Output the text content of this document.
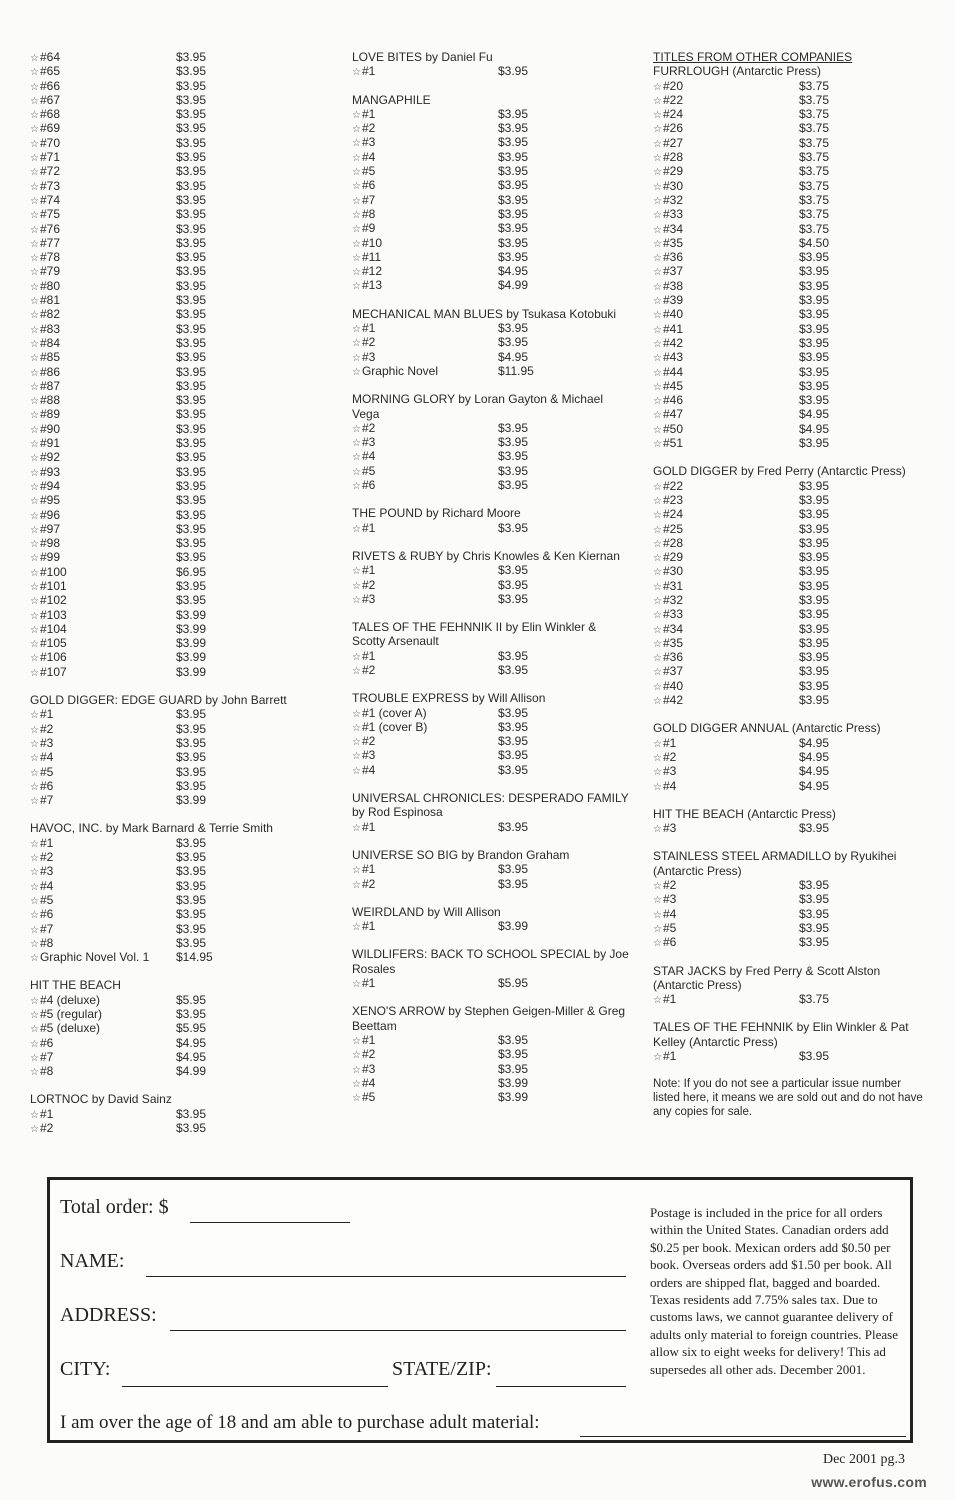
☆#64	$3.95
☆#65	$3.95
☆#66	$3.95
☆#67	$3.95
☆#68	$3.95
☆#69	$3.95
☆#70	$3.95
☆#71	$3.95
☆#72	$3.95
☆#73	$3.95
☆#74	$3.95
☆#75	$3.95
☆#76	$3.95
☆#77	$3.95
☆#78	$3.95
☆#79	$3.95
☆#80	$3.95
☆#81	$3.95
☆#82	$3.95
☆#83	$3.95
☆#84	$3.95
☆#85	$3.95
☆#86	$3.95
☆#87	$3.95
☆#88	$3.95
☆#89	$3.95
☆#90	$3.95
☆#91	$3.95
☆#92	$3.95
☆#93	$3.95
☆#94	$3.95
☆#95	$3.95
☆#96	$3.95
☆#97	$3.95
☆#98	$3.95
☆#99	$3.95
☆#100	$6.95
☆#101	$3.95
☆#102	$3.95
☆#103	$3.99
☆#104	$3.99
☆#105	$3.99
☆#106	$3.99
☆#107	$3.99
GOLD DIGGER: EDGE GUARD by John Barrett
☆#1	$3.95
☆#2	$3.95
☆#3	$3.95
☆#4	$3.95
☆#5	$3.95
☆#6	$3.95
☆#7	$3.99
HAVOC, INC. by Mark Barnard & Terrie Smith
☆#1	$3.95
☆#2	$3.95
☆#3	$3.95
☆#4	$3.95
☆#5	$3.95
☆#6	$3.95
☆#7	$3.95
☆#8	$3.95
☆Graphic Novel Vol. 1 $14.95
HIT THE BEACH
☆#4 (deluxe)	$5.95
☆#5 (regular)	$3.95
☆#5 (deluxe)	$5.95
☆#6	$4.95
☆#7	$4.95
☆#8	$4.99
LORTNOC by David Sainz
☆#1	$3.95
☆#2	$3.95
LOVE BITES by Daniel Fu
☆#1	$3.95
MANGAPHILE
☆#1	$3.95
☆#2	$3.95
☆#3	$3.95
☆#4	$3.95
☆#5	$3.95
☆#6	$3.95
☆#7	$3.95
☆#8	$3.95
☆#9	$3.95
☆#10	$3.95
☆#11	$3.95
☆#12	$4.95
☆#13	$4.99
MECHANICAL MAN BLUES by Tsukasa Kotobuki
☆#1	$3.95
☆#2	$3.95
☆#3	$4.95
☆Graphic Novel	$11.95
MORNING GLORY by Loran Gayton & Michael Vega
☆#2	$3.95
☆#3	$3.95
☆#4	$3.95
☆#5	$3.95
☆#6	$3.95
THE POUND by Richard Moore
☆#1	$3.95
RIVETS & RUBY by Chris Knowles & Ken Kiernan
☆#1	$3.95
☆#2	$3.95
☆#3	$3.95
TALES OF THE FEHNNIK II by Elin Winkler & Scotty Arsenault
☆#1	$3.95
☆#2	$3.95
TROUBLE EXPRESS by Will Allison
☆#1 (cover A)	$3.95
☆#1 (cover B)	$3.95
☆#2	$3.95
☆#3	$3.95
☆#4	$3.95
UNIVERSAL CHRONICLES: DESPERADO FAMILY by Rod Espinosa
☆#1	$3.95
UNIVERSE SO BIG by Brandon Graham
☆#1	$3.95
☆#2	$3.95
WEIRDLAND by Will Allison
☆#1	$3.99
WILDLIFERS: BACK TO SCHOOL SPECIAL by Joe Rosales
☆#1	$5.95
XENO'S ARROW by Stephen Geigen-Miller & Greg Beettam
☆#1	$3.95
☆#2	$3.95
☆#3	$3.95
☆#4	$3.99
☆#5	$3.99
TITLES FROM OTHER COMPANIES
FURRLOUGH (Antarctic Press)
☆#20	$3.75
☆#22	$3.75
☆#24	$3.75
☆#26	$3.75
☆#27	$3.75
☆#28	$3.75
☆#29	$3.75
☆#30	$3.75
☆#32	$3.75
☆#33	$3.75
☆#34	$3.75
☆#35	$4.50
☆#36	$3.95
☆#37	$3.95
☆#38	$3.95
☆#39	$3.95
☆#40	$3.95
☆#41	$3.95
☆#42	$3.95
☆#43	$3.95
☆#44	$3.95
☆#45	$3.95
☆#46	$3.95
☆#47	$4.95
☆#50	$4.95
☆#51	$3.95
GOLD DIGGER by Fred Perry (Antarctic Press)
☆#22	$3.95
☆#23	$3.95
☆#24	$3.95
☆#25	$3.95
☆#28	$3.95
☆#29	$3.95
☆#30	$3.95
☆#31	$3.95
☆#32	$3.95
☆#33	$3.95
☆#34	$3.95
☆#35	$3.95
☆#36	$3.95
☆#37	$3.95
☆#40	$3.95
☆#42	$3.95
GOLD DIGGER ANNUAL (Antarctic Press)
☆#1	$4.95
☆#2	$4.95
☆#3	$4.95
☆#4	$4.95
HIT THE BEACH (Antarctic Press)
☆#3	$3.95
STAINLESS STEEL ARMADILLO by Ryukihei (Antarctic Press)
☆#2	$3.95
☆#3	$3.95
☆#4	$3.95
☆#5	$3.95
☆#6	$3.95
STAR JACKS by Fred Perry & Scott Alston (Antarctic Press)
☆#1	$3.75
TALES OF THE FEHNNIK by Elin Winkler & Pat Kelley (Antarctic Press)
☆#1	$3.95
Note: If you do not see a particular issue number listed here, it means we are sold out and do not have any copies for sale.
Total order: $
NAME:
ADDRESS:
CITY:	STATE/ZIP:
I am over the age of 18 and am able to purchase adult material:
Postage is included in the price for all orders within the United States. Canadian orders add $0.25 per book. Mexican orders add $0.50 per book. Overseas orders add $1.50 per book. All orders are shipped flat, bagged and boarded. Texas residents add 7.75% sales tax. Due to customs laws, we cannot guarantee delivery of adults only material to foreign countries. Please allow six to eight weeks for delivery! This ad supersedes all other ads. December 2001.
Dec 2001 pg.3
www.erofus.com
